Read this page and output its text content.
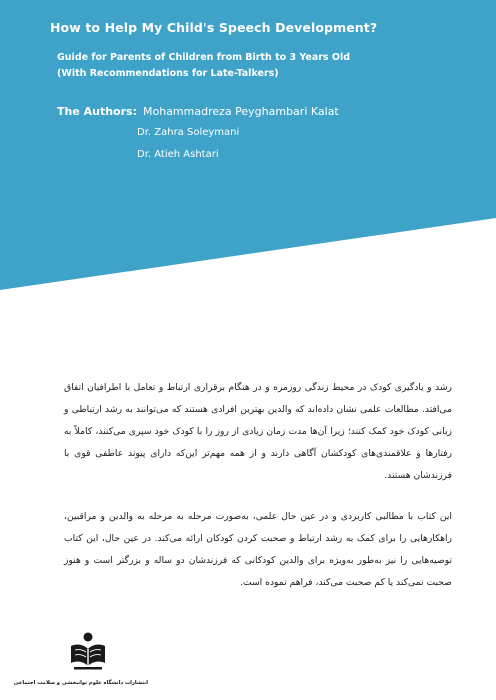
How to Help My Child's Speech Development?
Guide for Parents of Children from Birth to 3 Years Old
(With Recommendations for Late-Talkers)
The Authors: Mohammadreza Peyghambari Kalat
Dr. Zahra Soleymani
Dr. Atieh Ashtari

رشد و یادگیری کودک در محیط زندگی روزمره و در هنگام برقراری ارتباط و تعامل با اطرافیان اتفاق می‌افتد. مطالعات علمی نشان داده‌اند که والدین بهترین افرادی هستند که می‌توانند به رشد ارتباطی و زبانی کودک خود کمک کنند؛ زیرا آن‌ها مدت زمان زیادی از روز را با کودک خود سپری می‌کنند، کاملاً به رفتارها و علاقمندی‌های کودکشان آگاهی دارند و از همه مهم‌تر این‌که دارای پیوند عاطفی قوی با فرزندشان هستند.

این کتاب با مطالبی کاربردی و در عین حال علمی، به‌صورت مرحله به مرحله به والدین و مراقبین، راهکارهایی را برای کمک به رشد ارتباط و صحبت کردن کودکان ارائه می‌کند. در عین حال، این کتاب توصیه‌هایی را نیز به‌طور به‌ویژه برای والدین کودکانی که فرزندشان دو ساله و بزرگتر است و هنوز صحبت نمی‌کند یا کم صحبت می‌کند، فراهم نموده است.

انتشارات دانشگاه علوم توانبخشی و سلامت اجتماعی
